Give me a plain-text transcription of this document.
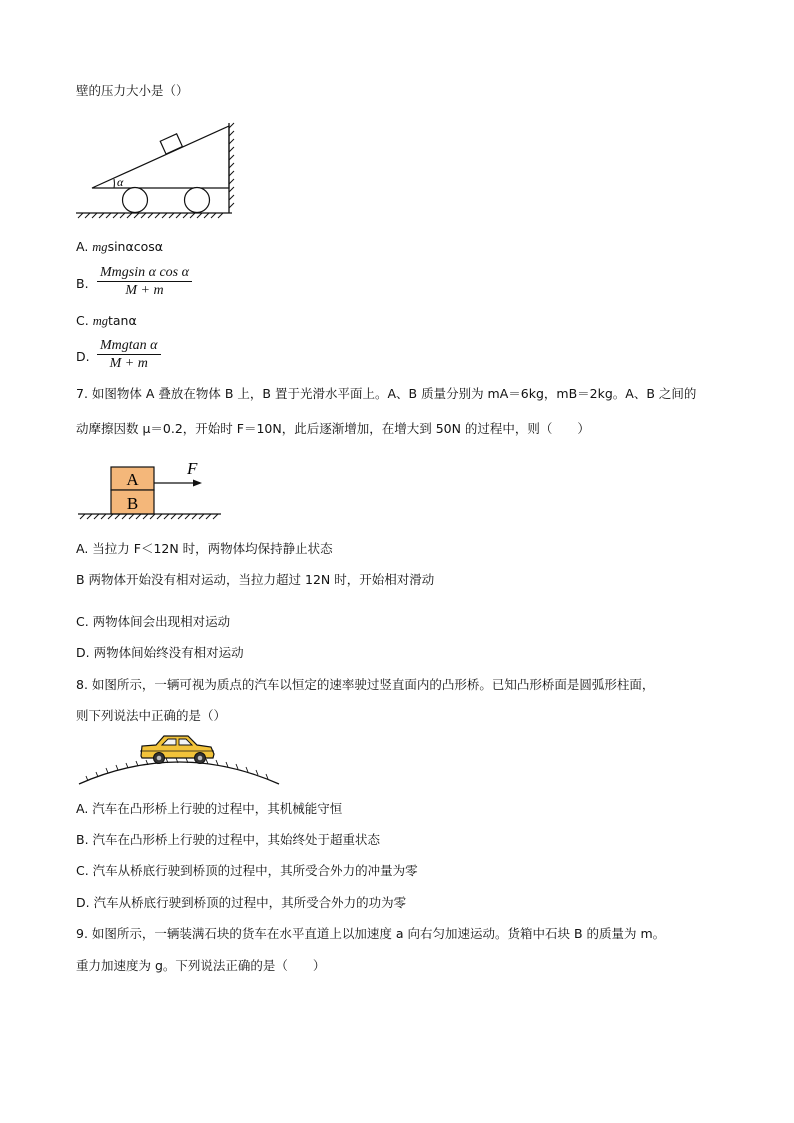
壁的压力大小是（）
α
A. mgsinαcosα
B.
Mmgsin α cos α
M + m
C. mgtanα
D.
Mmgtan α
M + m
7. 如图物体 A 叠放在物体 B 上，B 置于光滑水平面上。A、B 质量分别为 mA＝6kg，mB＝2kg。A、B 之间的
动摩擦因数 μ＝0.2，开始时 F＝10N，此后逐渐增加，在增大到 50N 的过程中，则（　　）
A
B
F
A. 当拉力 F＜12N 时，两物体均保持静止状态
B 两物体开始没有相对运动，当拉力超过 12N 时，开始相对滑动
C. 两物体间会出现相对运动
D. 两物体间始终没有相对运动
8. 如图所示，一辆可视为质点的汽车以恒定的速率驶过竖直面内的凸形桥。已知凸形桥面是圆弧形柱面，
则下列说法中正确的是（）
A. 汽车在凸形桥上行驶的过程中，其机械能守恒
B. 汽车在凸形桥上行驶的过程中，其始终处于超重状态
C. 汽车从桥底行驶到桥顶的过程中，其所受合外力的冲量为零
D. 汽车从桥底行驶到桥顶的过程中，其所受合外力的功为零
9. 如图所示，一辆装满石块的货车在水平直道上以加速度 a 向右匀加速运动。货箱中石块 B 的质量为 m。
重力加速度为 g。下列说法正确的是（　　）
